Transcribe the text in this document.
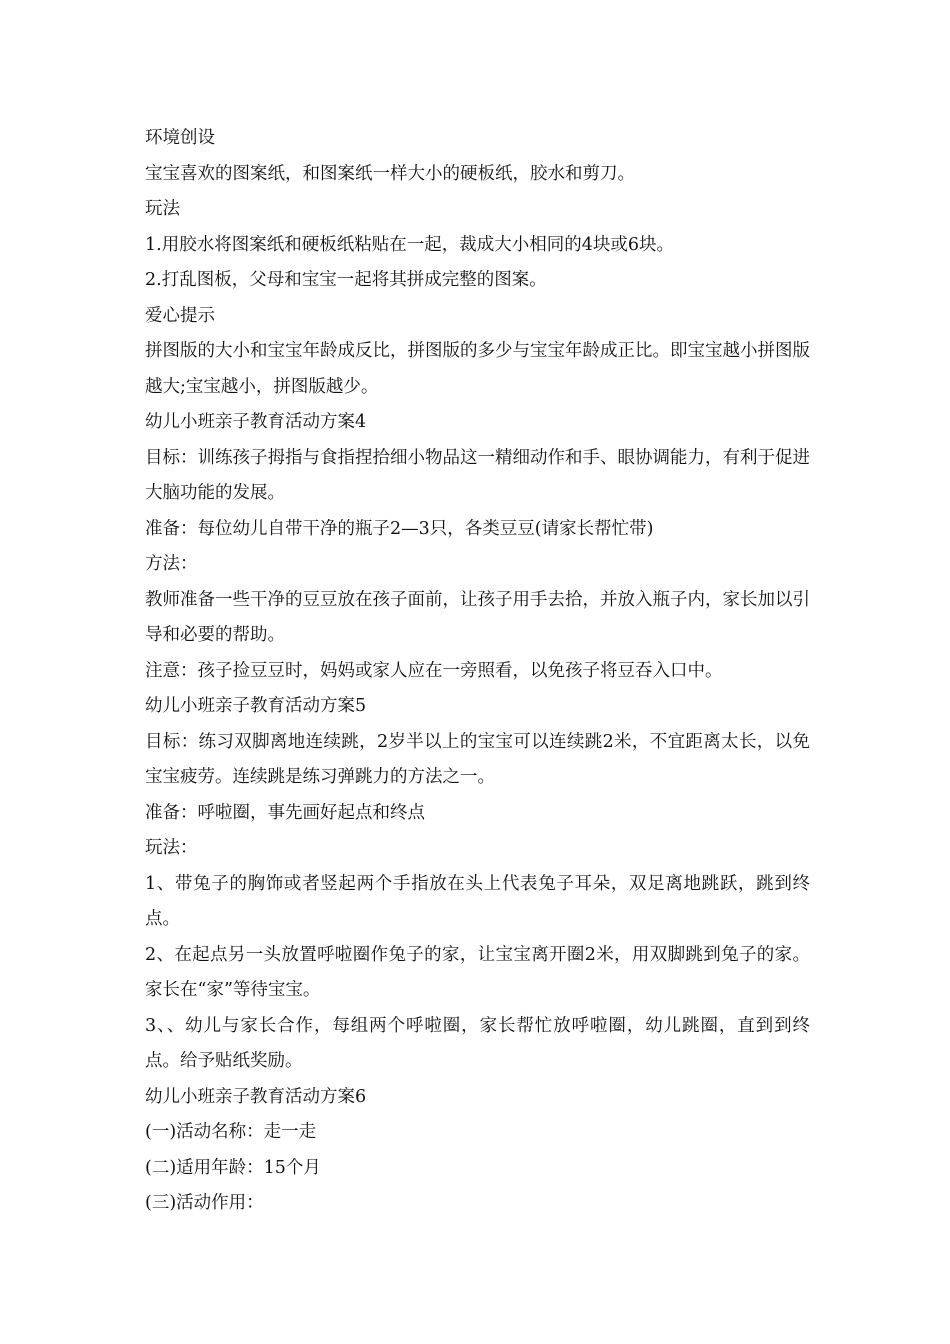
环境创设

宝宝喜欢的图案纸，和图案纸一样大小的硬板纸，胶水和剪刀。

玩法

1.用胶水将图案纸和硬板纸粘贴在一起，裁成大小相同的4块或6块。

2.打乱图板，父母和宝宝一起将其拼成完整的图案。

爱心提示

拼图版的大小和宝宝年龄成反比，拼图版的多少与宝宝年龄成正比。即宝宝越小拼图版越大;宝宝越小，拼图版越少。

幼儿小班亲子教育活动方案4

目标：训练孩子拇指与食指捏拾细小物品这一精细动作和手、眼协调能力，有利于促进大脑功能的发展。

准备：每位幼儿自带干净的瓶子2—3只，各类豆豆(请家长帮忙带)

方法：

教师准备一些干净的豆豆放在孩子面前，让孩子用手去拾，并放入瓶子内，家长加以引导和必要的帮助。

注意：孩子捡豆豆时，妈妈或家人应在一旁照看，以免孩子将豆吞入口中。

幼儿小班亲子教育活动方案5

目标：练习双脚离地连续跳，2岁半以上的宝宝可以连续跳2米，不宜距离太长，以免宝宝疲劳。连续跳是练习弹跳力的方法之一。

准备：呼啦圈，事先画好起点和终点

玩法：

1、带兔子的胸饰或者竖起两个手指放在头上代表兔子耳朵，双足离地跳跃，跳到终点。

2、在起点另一头放置呼啦圈作兔子的家，让宝宝离开圈2米，用双脚跳到兔子的家。家长在“家”等待宝宝。

3、、幼儿与家长合作，每组两个呼啦圈，家长帮忙放呼啦圈，幼儿跳圈，直到到终点。给予贴纸奖励。

幼儿小班亲子教育活动方案6

(一)活动名称：走一走

(二)适用年龄：15个月

(三)活动作用：
